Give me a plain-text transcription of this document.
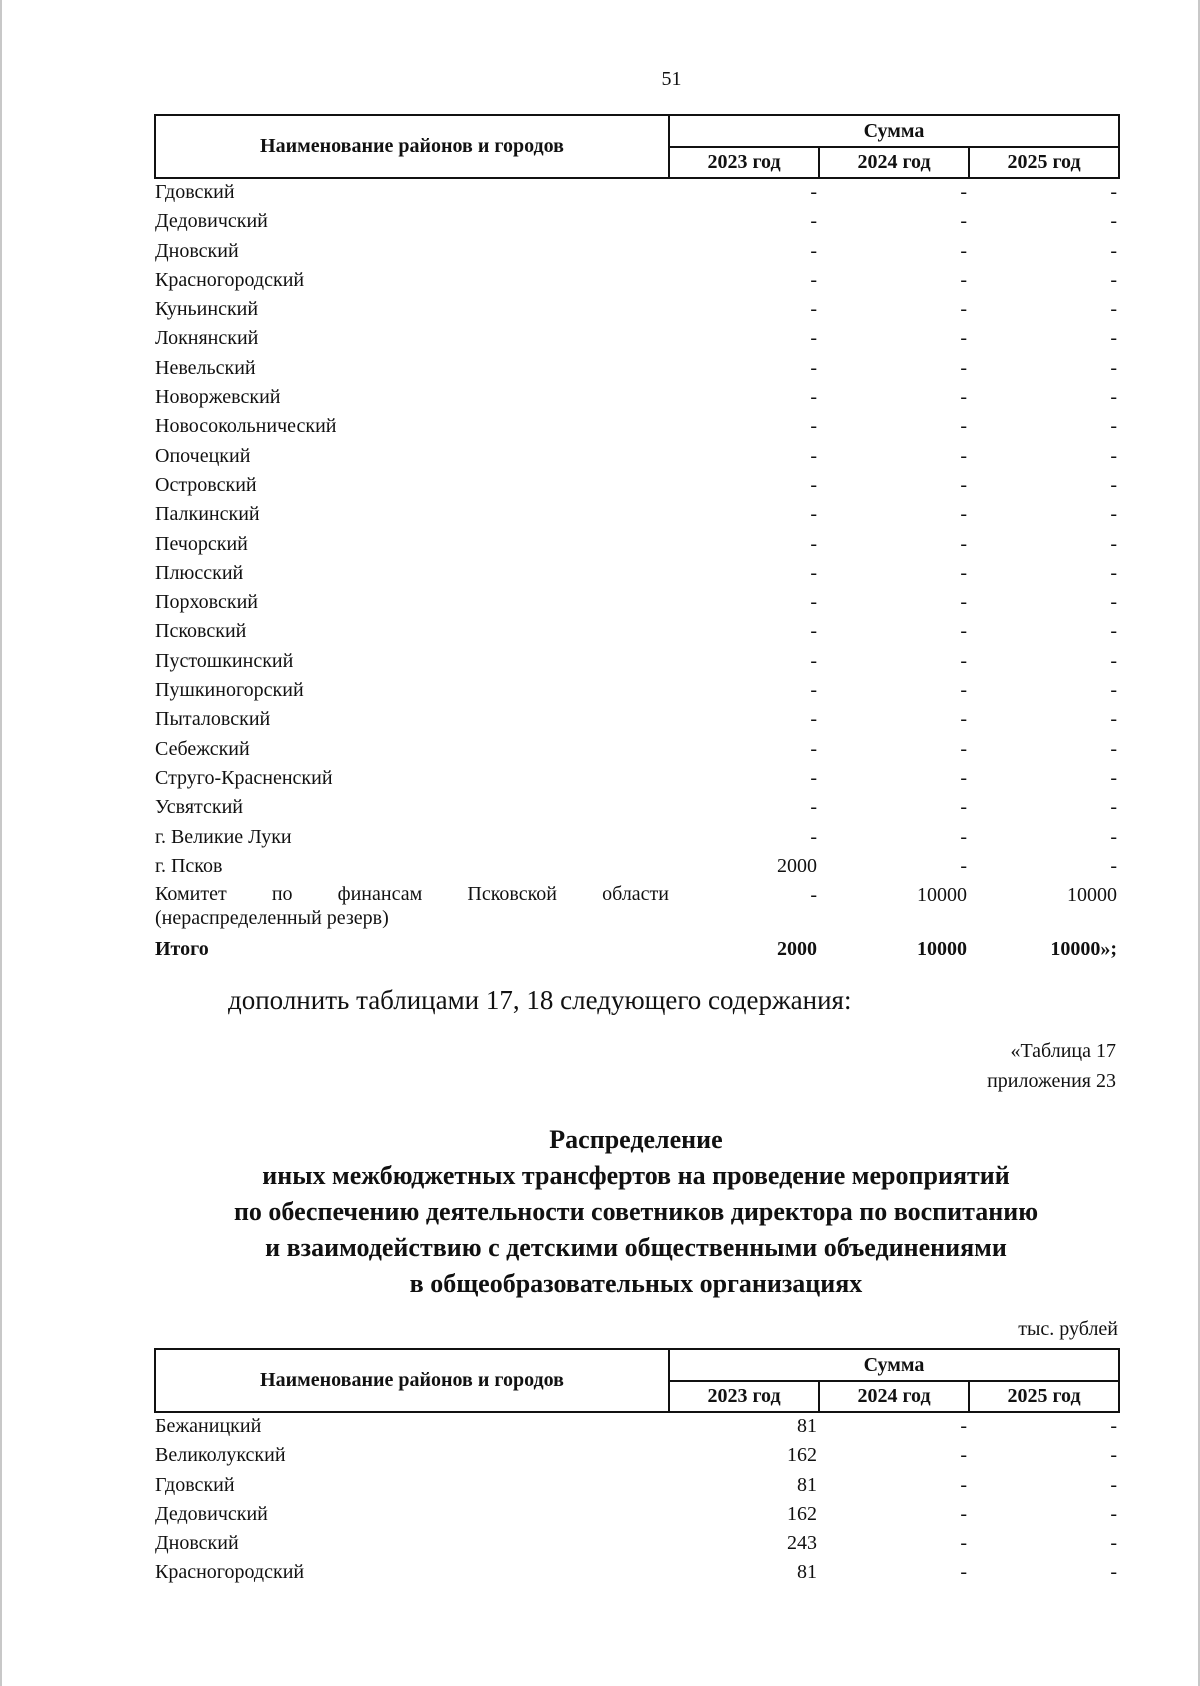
51
Наименование районов и городов	Сумма		
	2023 год	2024 год	2025 год
Гдовский	-	-	-
Дедовичский	-	-	-
Дновский	-	-	-
Красногородский	-	-	-
Куньинский	-	-	-
Локнянский	-	-	-
Невельский	-	-	-
Новоржевский	-	-	-
Новосокольнический	-	-	-
Опочецкий	-	-	-
Островский	-	-	-
Палкинский	-	-	-
Печорский	-	-	-
Плюсский	-	-	-
Порховский	-	-	-
Псковский	-	-	-
Пустошкинский	-	-	-
Пушкиногорский	-	-	-
Пыталовский	-	-	-
Себежский	-	-	-
Струго-Красненский	-	-	-
Усвятский	-	-	-
г. Великие Луки	-	-	-
г. Псков	2000	-	-
Комитет по финансам Псковской области (нераспределенный резерв)	-	10000	10000
Итого	2000	10000	10000»;
дополнить таблицами 17, 18 следующего содержания:
«Таблица 17
приложения 23
Распределение
иных межбюджетных трансфертов на проведение мероприятий
по обеспечению деятельности советников директора по воспитанию
и взаимодействию с детскими общественными объединениями
в общеобразовательных организациях
тыс. рублей
Наименование районов и городов	Сумма		
	2023 год	2024 год	2025 год
Бежаницкий	81	-	-
Великолукский	162	-	-
Гдовский	81	-	-
Дедовичский	162	-	-
Дновский	243	-	-
Красногородский	81	-	-
